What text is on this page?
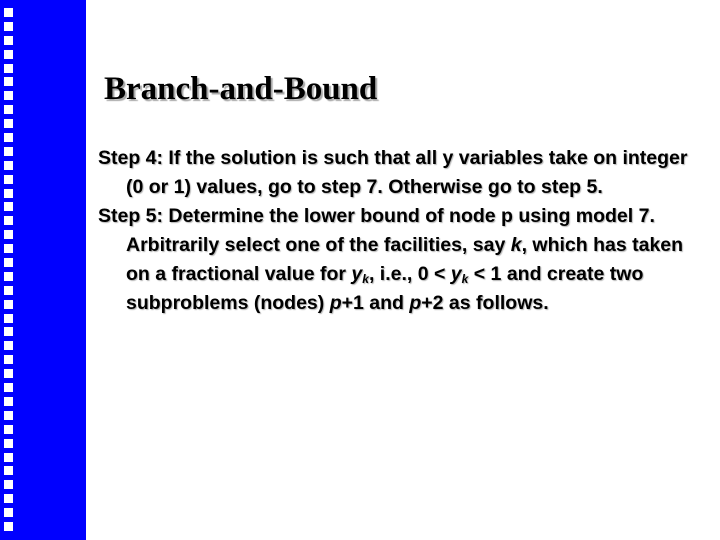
Branch-and-Bound

Step 4: If the solution is such that all y variables take on integer (0 or 1) values, go to step 7. Otherwise go to step 5.

Step 5: Determine the lower bound of node p using model 7. Arbitrarily select one of the facilities, say k, which has taken on a fractional value for $y_k$, i.e., $0 < y_k < 1$ and create two subproblems (nodes) p+1 and p+2 as follows.
